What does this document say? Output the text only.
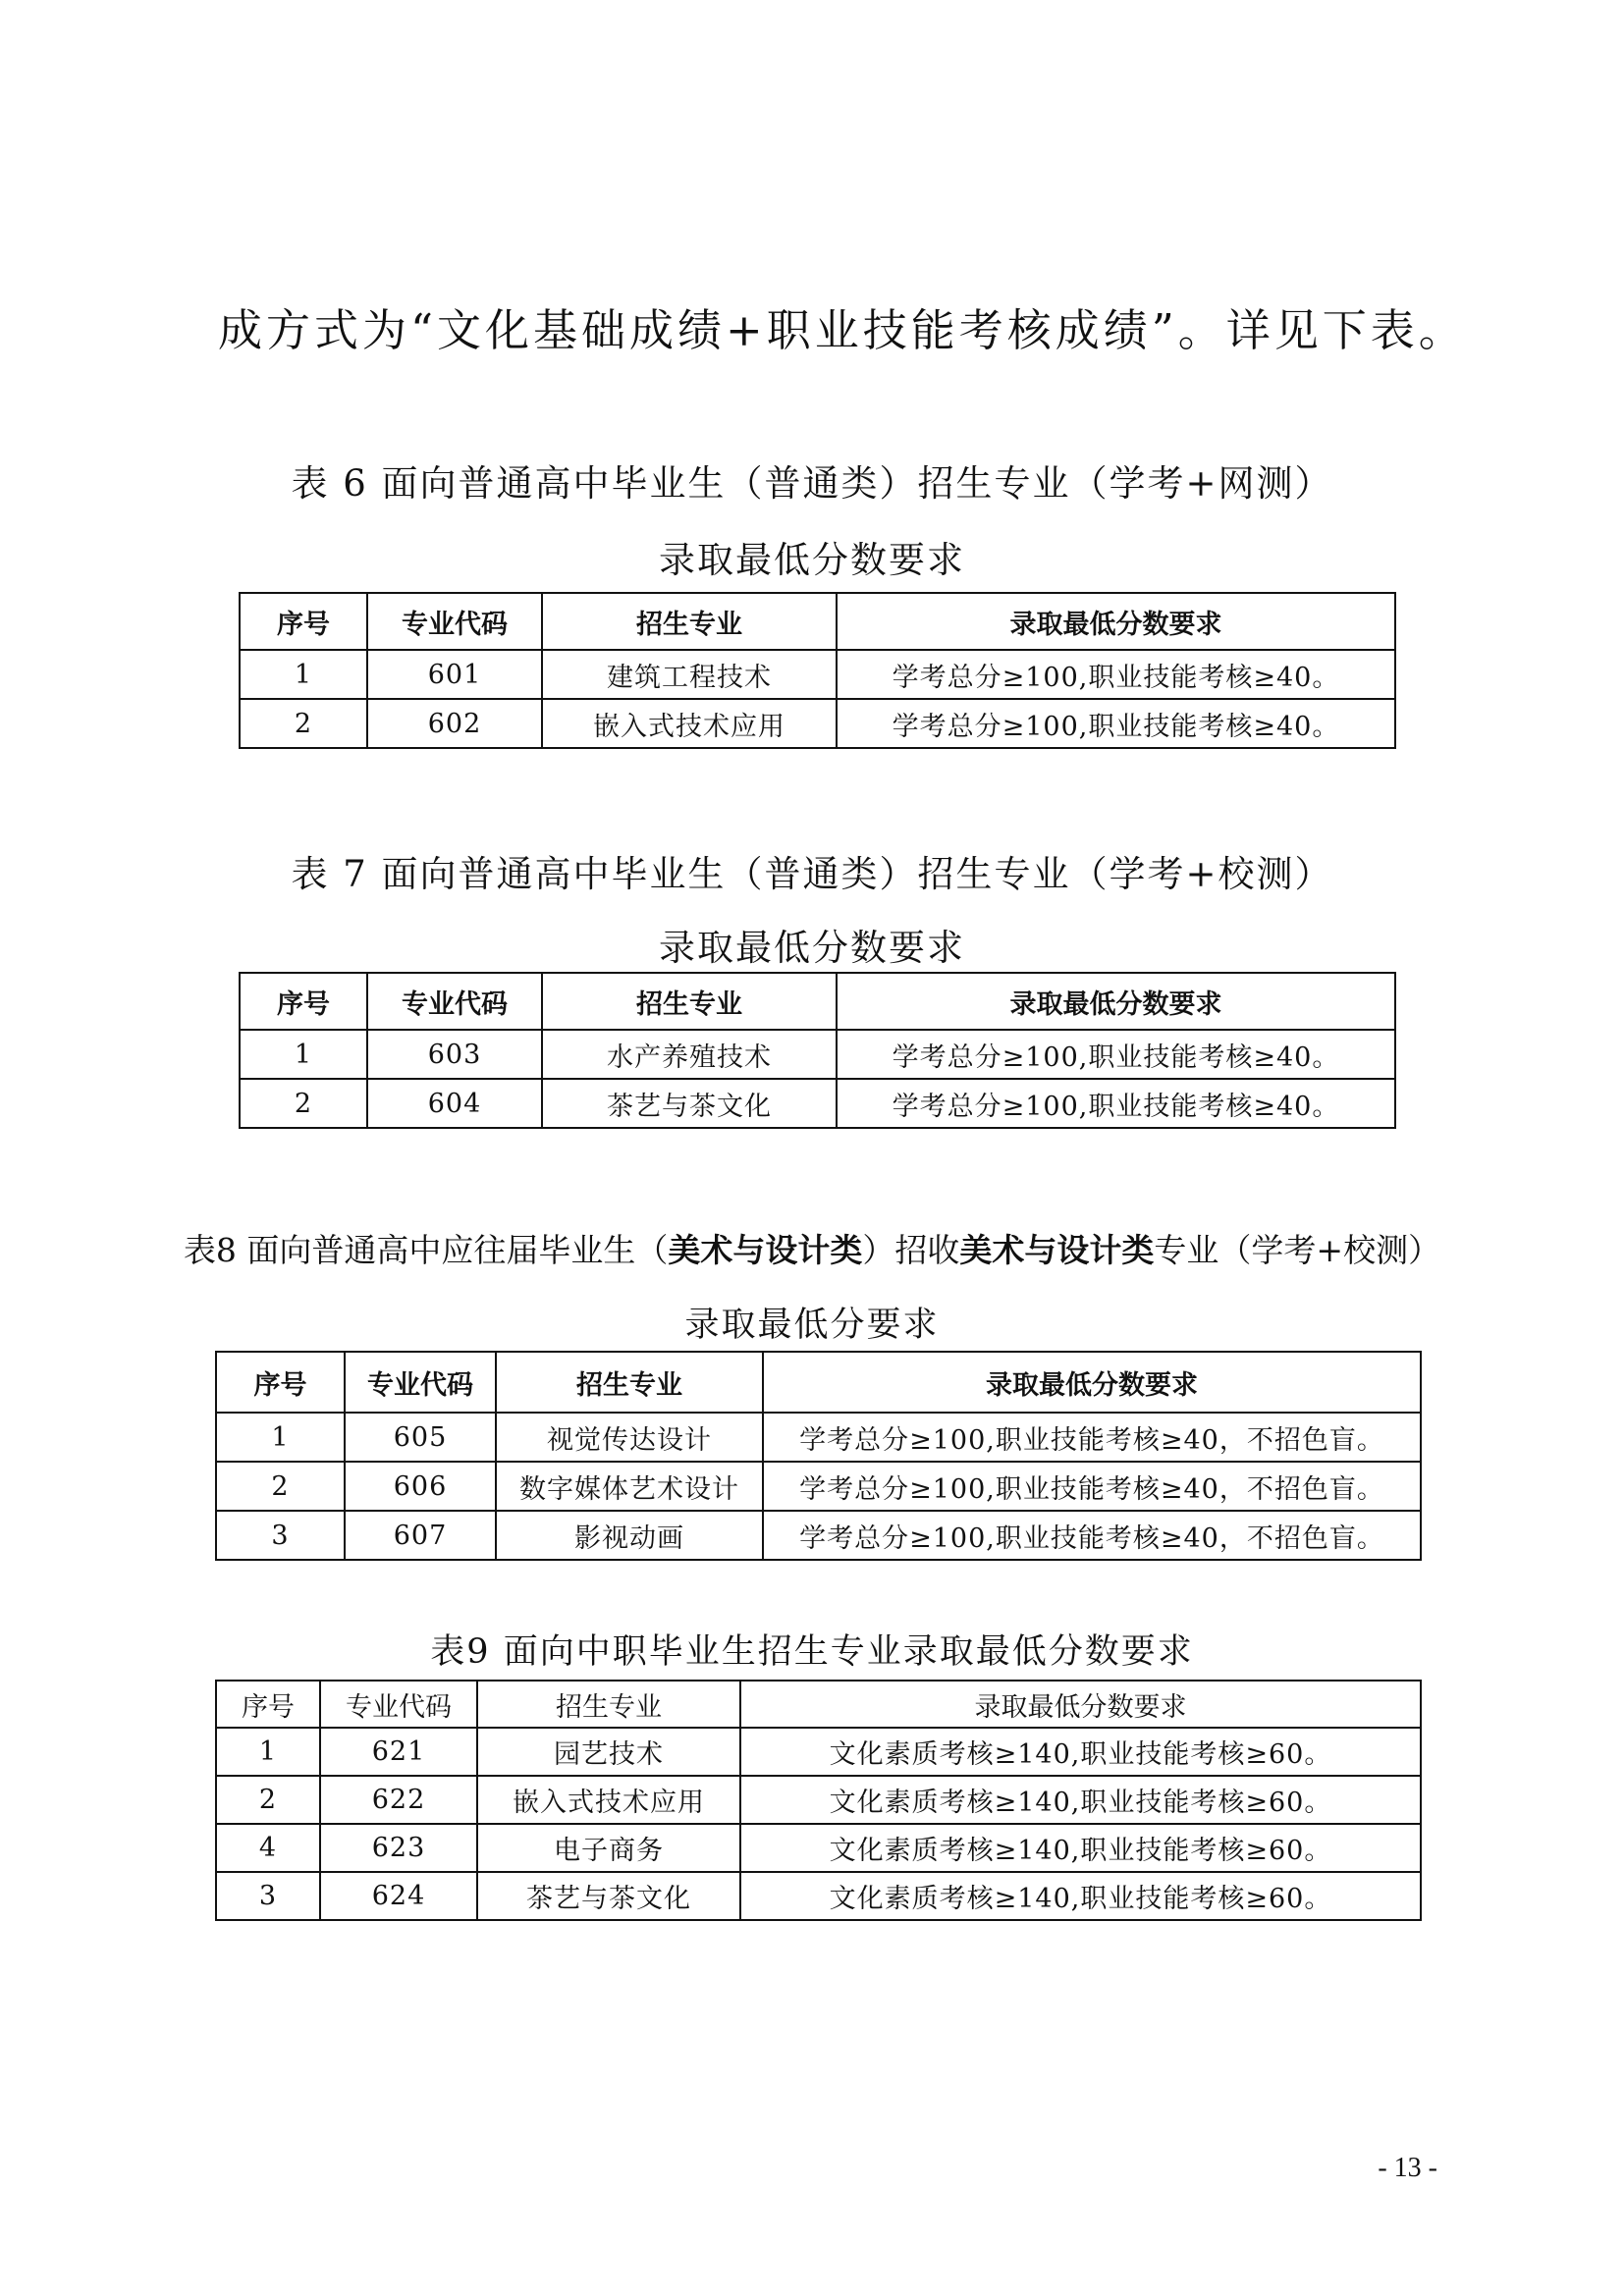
成方式为“文化基础成绩+职业技能考核成绩”。详见下表。

表 6 面向普通高中毕业生（普通类）招生专业（学考+网测）

录取最低分数要求

序号	专业代码	招生专业	录取最低分数要求
1	601	建筑工程技术	学考总分≥100,职业技能考核≥40。
2	602	嵌入式技术应用	学考总分≥100,职业技能考核≥40。

表 7 面向普通高中毕业生（普通类）招生专业（学考+校测）

录取最低分数要求

序号	专业代码	招生专业	录取最低分数要求
1	603	水产养殖技术	学考总分≥100,职业技能考核≥40。
2	604	茶艺与茶文化	学考总分≥100,职业技能考核≥40。

表8 面向普通高中应往届毕业生（美术与设计类）招收美术与设计类专业（学考+校测）

录取最低分要求

序号	专业代码	招生专业	录取最低分数要求
1	605	视觉传达设计	学考总分≥100,职业技能考核≥40，不招色盲。
2	606	数字媒体艺术设计	学考总分≥100,职业技能考核≥40，不招色盲。
3	607	影视动画	学考总分≥100,职业技能考核≥40，不招色盲。

表9 面向中职毕业生招生专业录取最低分数要求

序号	专业代码	招生专业	录取最低分数要求
1	621	园艺技术	文化素质考核≥140,职业技能考核≥60。
2	622	嵌入式技术应用	文化素质考核≥140,职业技能考核≥60。
4	623	电子商务	文化素质考核≥140,职业技能考核≥60。
3	624	茶艺与茶文化	文化素质考核≥140,职业技能考核≥60。

- 13 -
